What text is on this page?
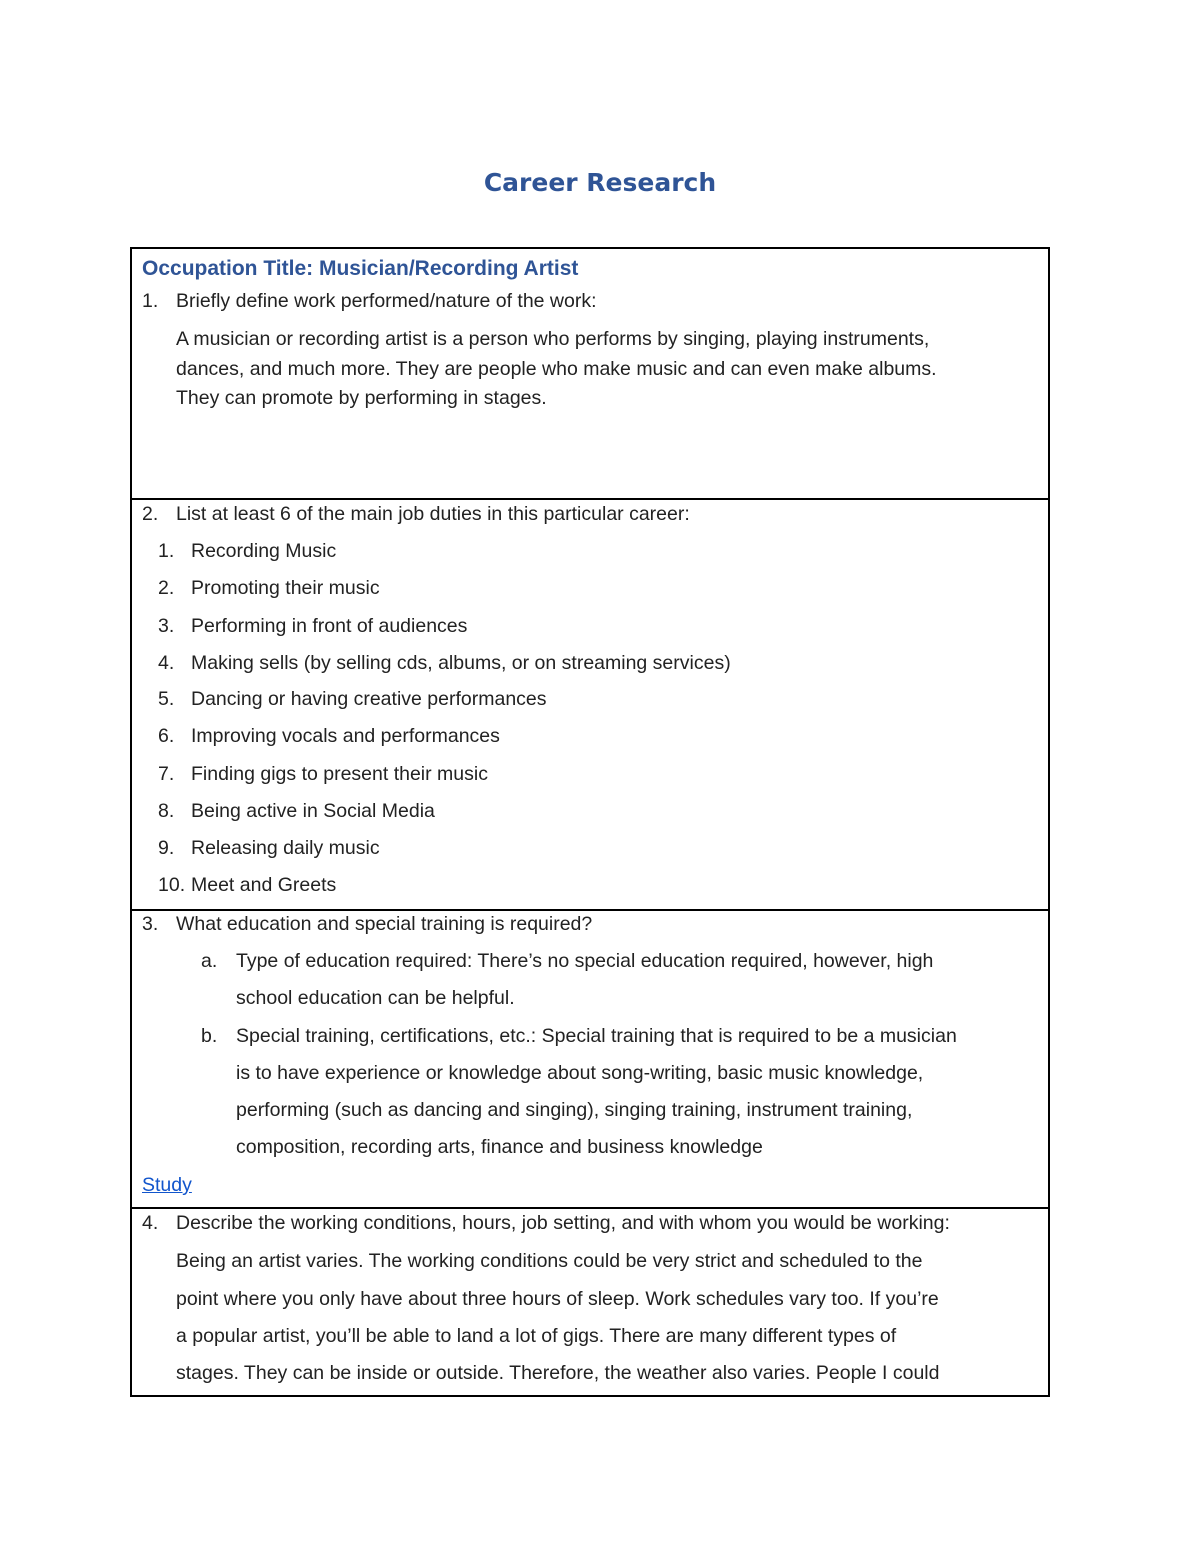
Career Research
Occupation Title: Musician/Recording Artist
1. Briefly define work performed/nature of the work:
A musician or recording artist is a person who performs by singing, playing instruments,
dances, and much more. They are people who make music and can even make albums.
They can promote by performing in stages.
2. List at least 6 of the main job duties in this particular career:
1. Recording Music
2. Promoting their music
3. Performing in front of audiences
4. Making sells (by selling cds, albums, or on streaming services)
5. Dancing or having creative performances
6. Improving vocals and performances
7. Finding gigs to present their music
8. Being active in Social Media
9. Releasing daily music
10. Meet and Greets
3. What education and special training is required?
a. Type of education required: There’s no special education required, however, high
school education can be helpful.
b. Special training, certifications, etc.: Special training that is required to be a musician
is to have experience or knowledge about song-writing, basic music knowledge,
performing (such as dancing and singing), singing training, instrument training,
composition, recording arts, finance and business knowledge
Study
4. Describe the working conditions, hours, job setting, and with whom you would be working:
Being an artist varies. The working conditions could be very strict and scheduled to the
point where you only have about three hours of sleep. Work schedules vary too. If you’re
a popular artist, you’ll be able to land a lot of gigs. There are many different types of
stages. They can be inside or outside. Therefore, the weather also varies. People I could
